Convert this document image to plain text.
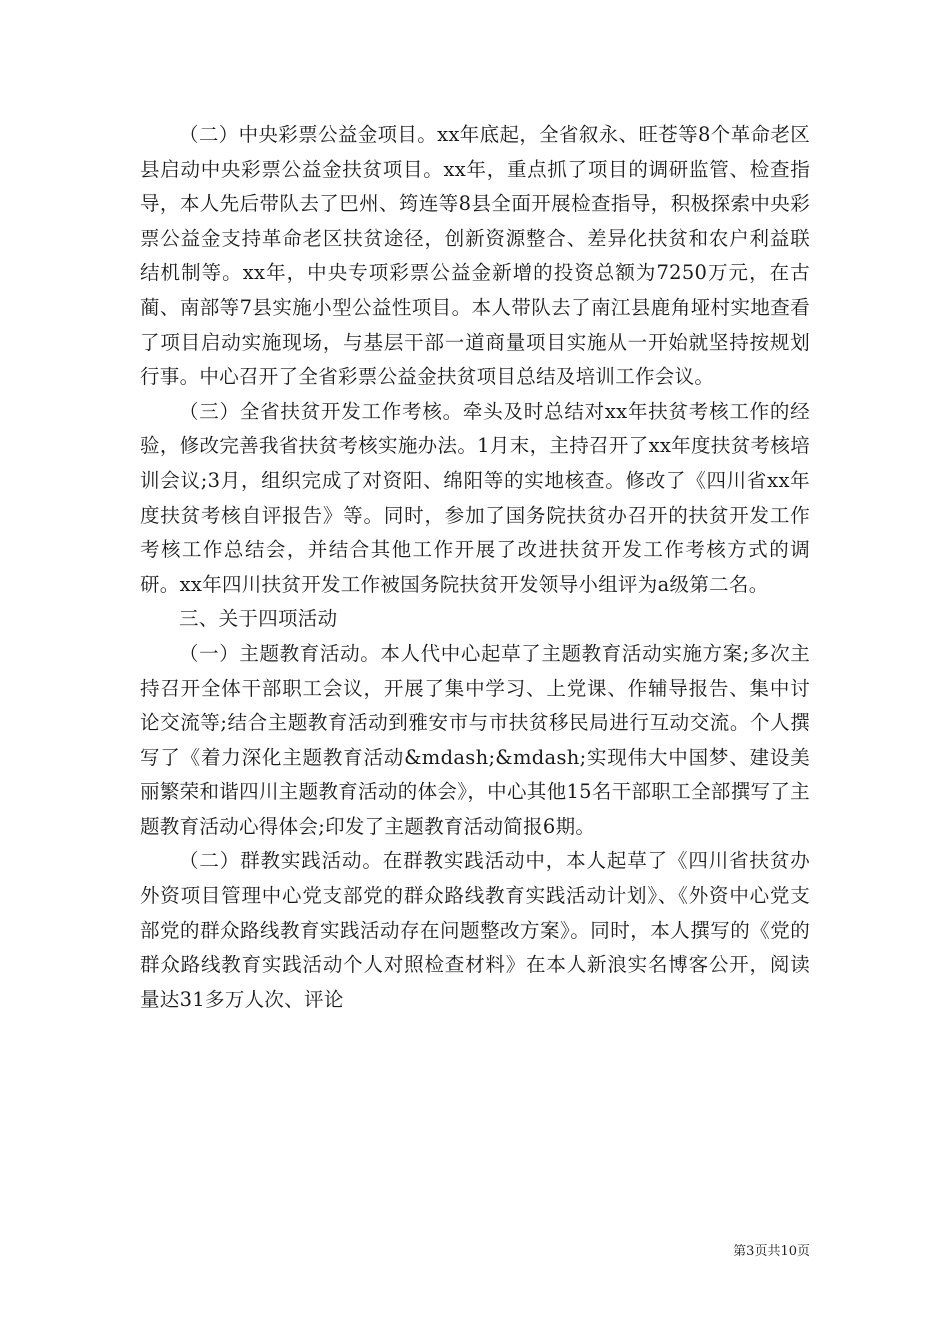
（二）中央彩票公益金项目。xx年底起，全省叙永、旺苍等8个革命老区县启动中央彩票公益金扶贫项目。xx年，重点抓了项目的调研监管、检查指导，本人先后带队去了巴州、筠连等8县全面开展检查指导，积极探索中央彩票公益金支持革命老区扶贫途径，创新资源整合、差异化扶贫和农户利益联结机制等。xx年，中央专项彩票公益金新增的投资总额为7250万元，在古蔺、南部等7县实施小型公益性项目。本人带队去了南江县鹿角垭村实地查看了项目启动实施现场，与基层干部一道商量项目实施从一开始就坚持按规划行事。中心召开了全省彩票公益金扶贫项目总结及培训工作会议。

（三）全省扶贫开发工作考核。牵头及时总结对xx年扶贫考核工作的经验，修改完善我省扶贫考核实施办法。1月末，主持召开了xx年度扶贫考核培训会议;3月，组织完成了对资阳、绵阳等的实地核查。修改了《四川省xx年度扶贫考核自评报告》等。同时，参加了国务院扶贫办召开的扶贫开发工作考核工作总结会，并结合其他工作开展了改进扶贫开发工作考核方式的调研。xx年四川扶贫开发工作被国务院扶贫开发领导小组评为a级第二名。

三、关于四项活动

（一）主题教育活动。本人代中心起草了主题教育活动实施方案;多次主持召开全体干部职工会议，开展了集中学习、上党课、作辅导报告、集中讨论交流等;结合主题教育活动到雅安市与市扶贫移民局进行互动交流。个人撰写了《着力深化主题教育活动&mdash;&mdash;实现伟大中国梦、建设美丽繁荣和谐四川主题教育活动的体会》，中心其他15名干部职工全部撰写了主题教育活动心得体会;印发了主题教育活动简报6期。

（二）群教实践活动。在群教实践活动中，本人起草了《四川省扶贫办外资项目管理中心党支部党的群众路线教育实践活动计划》、《外资中心党支部党的群众路线教育实践活动存在问题整改方案》。同时，本人撰写的《党的群众路线教育实践活动个人对照检查材料》在本人新浪实名博客公开，阅读量达31多万人次、评论

第3页共10页
